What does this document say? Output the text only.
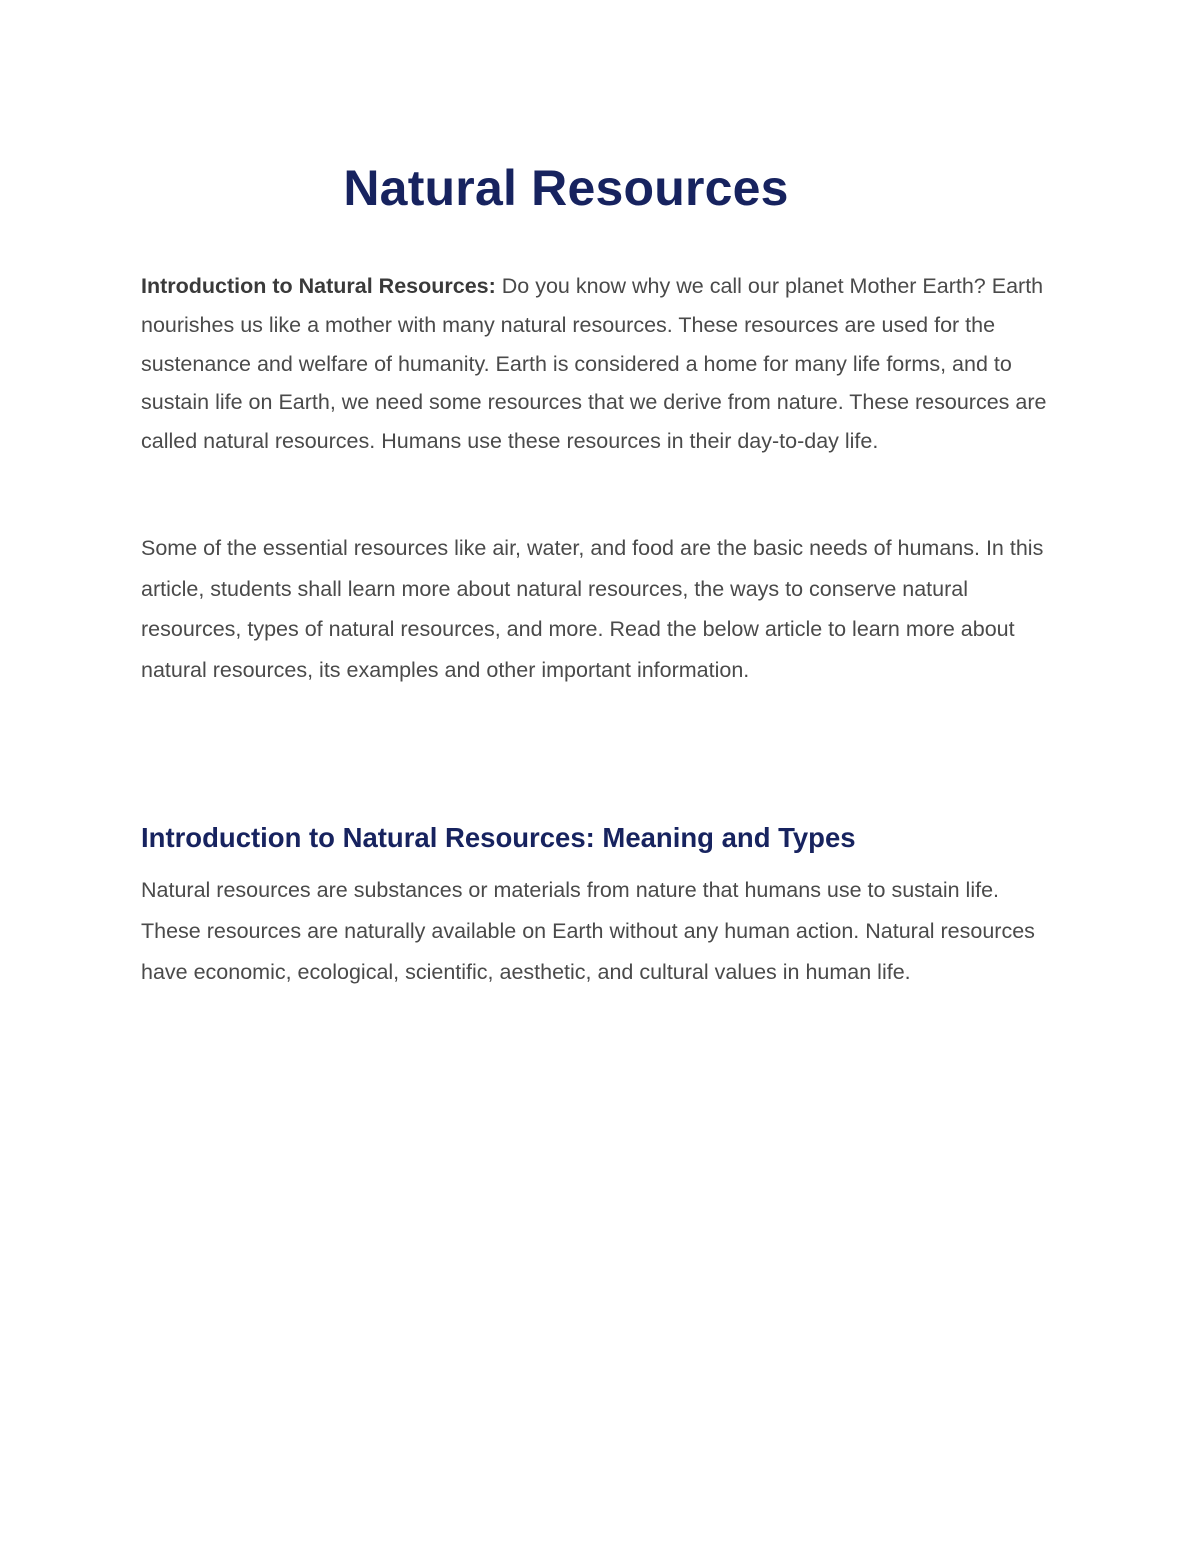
Natural Resources

Introduction to Natural Resources: Do you know why we call our planet Mother Earth? Earth nourishes us like a mother with many natural resources. These resources are used for the sustenance and welfare of humanity. Earth is considered a home for many life forms, and to sustain life on Earth, we need some resources that we derive from nature. These resources are called natural resources. Humans use these resources in their day-to-day life.

Some of the essential resources like air, water, and food are the basic needs of humans. In this article, students shall learn more about natural resources, the ways to conserve natural resources, types of natural resources, and more. Read the below article to learn more about natural resources, its examples and other important information.

Introduction to Natural Resources: Meaning and Types

Natural resources are substances or materials from nature that humans use to sustain life. These resources are naturally available on Earth without any human action. Natural resources have economic, ecological, scientific, aesthetic, and cultural values in human life.
